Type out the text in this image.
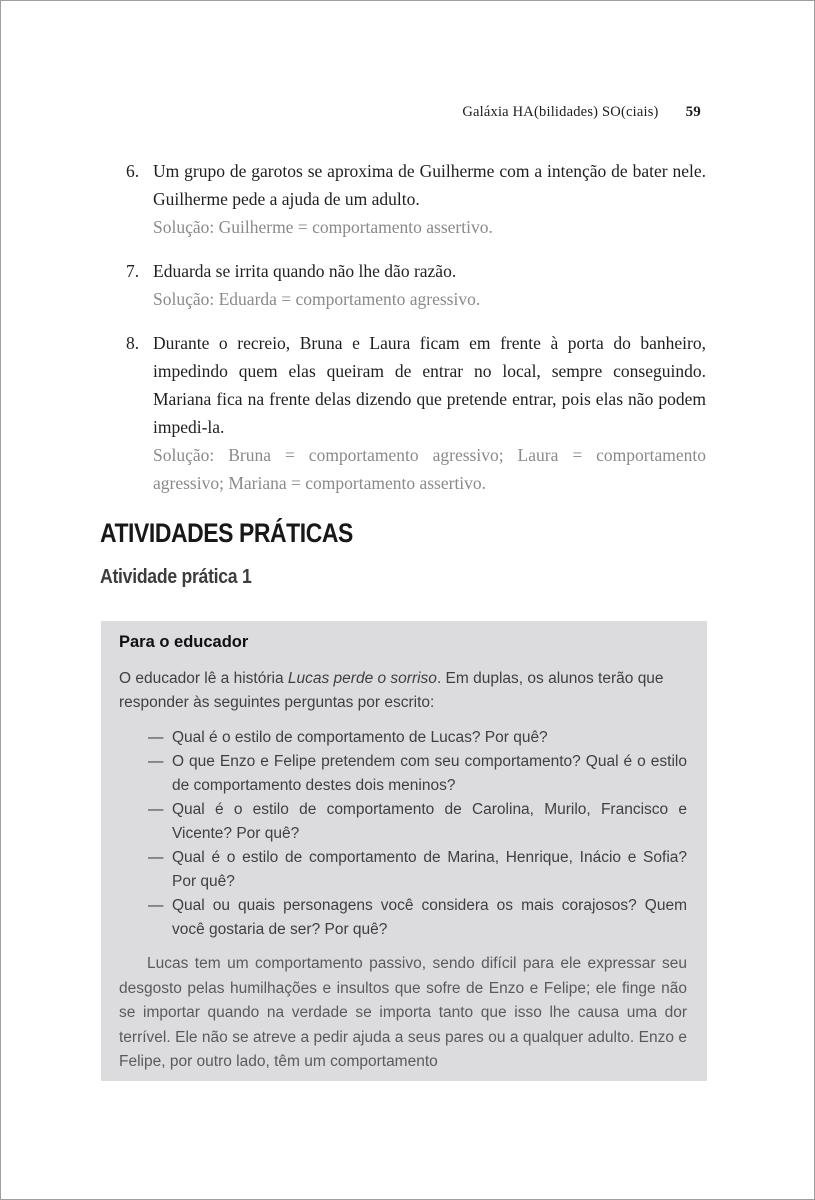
Galáxia HA(bilidades) SO(ciais) 59
6. Um grupo de garotos se aproxima de Guilherme com a intenção de bater nele. Guilherme pede a ajuda de um adulto.

Solução: Guilherme = comportamento assertivo.

7. Eduarda se irrita quando não lhe dão razão.

Solução: Eduarda = comportamento agressivo.

8. Durante o recreio, Bruna e Laura ficam em frente à porta do banheiro, impedindo quem elas queiram de entrar no local, sempre conseguindo. Mariana fica na frente delas dizendo que pretende entrar, pois elas não podem impedi-la.

Solução: Bruna = comportamento agressivo; Laura = comportamento agressivo; Mariana = comportamento assertivo.

ATIVIDADES PRÁTICAS
Atividade prática 1
Para o educador

O educador lê a história Lucas perde o sorriso. Em duplas, os alunos terão que responder às seguintes perguntas por escrito:

— Qual é o estilo de comportamento de Lucas? Por quê?
— O que Enzo e Felipe pretendem com seu comportamento? Qual é o estilo de comportamento destes dois meninos?
— Qual é o estilo de comportamento de Carolina, Murilo, Francisco e Vicente? Por quê?
— Qual é o estilo de comportamento de Marina, Henrique, Inácio e Sofia? Por quê?
— Qual ou quais personagens você considera os mais corajosos? Quem você gostaria de ser? Por quê?

Lucas tem um comportamento passivo, sendo difícil para ele expressar seu desgosto pelas humilhações e insultos que sofre de Enzo e Felipe; ele finge não se importar quando na verdade se importa tanto que isso lhe causa uma dor terrível. Ele não se atreve a pedir ajuda a seus pares ou a qualquer adulto. Enzo e Felipe, por outro lado, têm um comportamento
